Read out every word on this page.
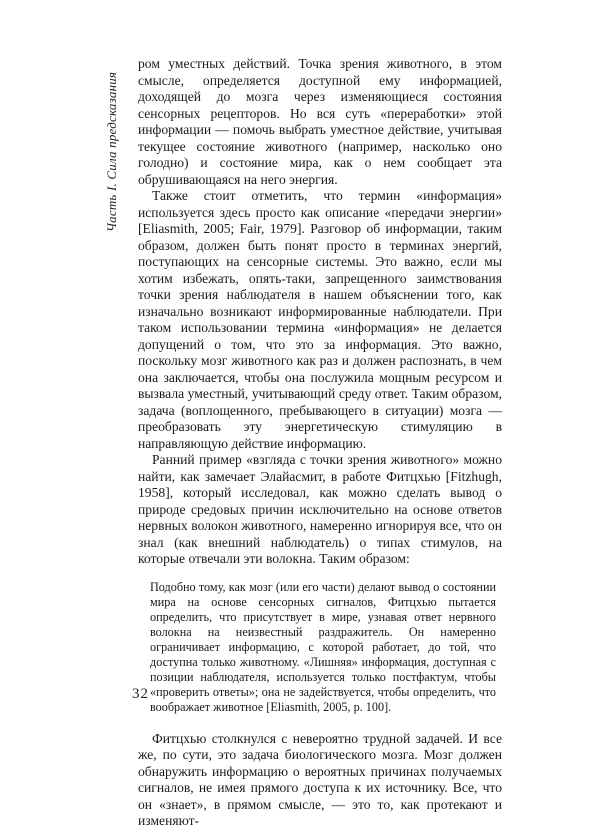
Часть I. Сила предсказания

ром уместных действий. Точка зрения животного, в этом смысле, определяется доступной ему информацией, доходящей до мозга через изменяющиеся состояния сенсорных рецепторов. Но вся суть «переработки» этой информации — помочь выбрать уместное действие, учитывая текущее состояние животного (например, насколько оно голодно) и состояние мира, как о нем сообщает эта обрушивающаяся на него энергия.

Также стоит отметить, что термин «информация» используется здесь просто как описание «передачи энергии» [Eliasmith, 2005; Fair, 1979]. Разговор об информации, таким образом, должен быть понят просто в терминах энергий, поступающих на сенсорные системы. Это важно, если мы хотим избежать, опять-таки, запрещенного заимствования точки зрения наблюдателя в нашем объяснении того, как изначально возникают информированные наблюдатели. При таком использовании термина «информация» не делается допущений о том, что это за информация. Это важно, поскольку мозг животного как раз и должен распознать, в чем она заключается, чтобы она послужила мощным ресурсом и вызвала уместный, учитывающий среду ответ. Таким образом, задача (воплощенного, пребывающего в ситуации) мозга — преобразовать эту энергетическую стимуляцию в направляющую действие информацию.

Ранний пример «взгляда с точки зрения животного» можно найти, как замечает Элайасмит, в работе Фитцхью [Fitzhugh, 1958], который исследовал, как можно сделать вывод о природе средовых причин исключительно на основе ответов нервных волокон животного, намеренно игнорируя все, что он знал (как внешний наблюдатель) о типах стимулов, на которые отвечали эти волокна. Таким образом:

Подобно тому, как мозг (или его части) делают вывод о состоянии мира на основе сенсорных сигналов, Фитцхью пытается определить, что присутствует в мире, узнавая ответ нервного волокна на неизвестный раздражитель. Он намеренно ограничивает информацию, с которой работает, до той, что доступна только животному. «Лишняя» информация, доступная с позиции наблюдателя, используется только постфактум, чтобы «проверить ответы»; она не задействуется, чтобы определить, что воображает животное [Eliasmith, 2005, p. 100].

Фитцхью столкнулся с невероятно трудной задачей. И все же, по сути, это задача биологического мозга. Мозг должен обнаружить информацию о вероятных причинах получаемых сигналов, не имея прямого доступа к их источнику. Все, что он «знает», в прямом смысле, — это то, как протекают и изменяют-

32
